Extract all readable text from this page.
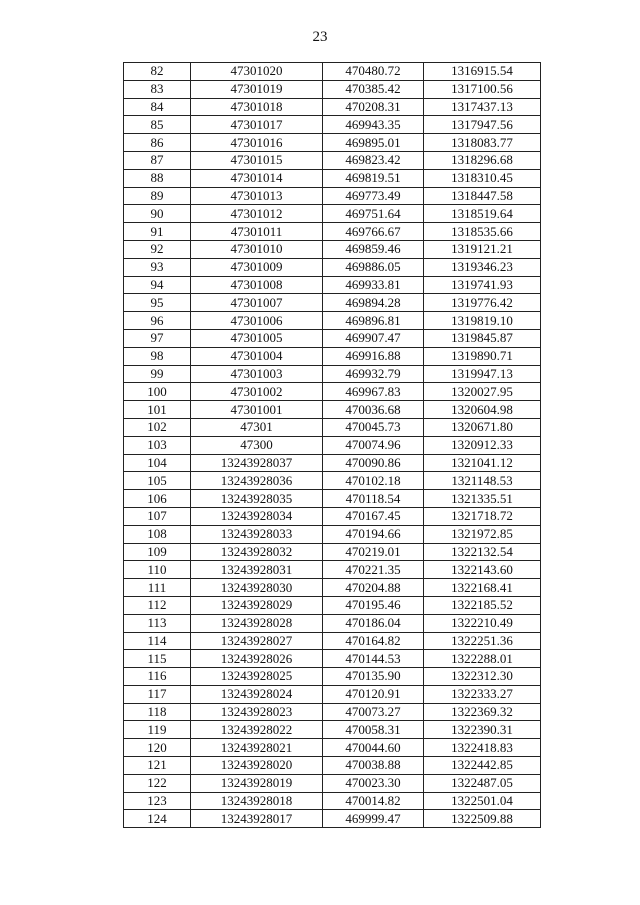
23
82	47301020	470480.72	1316915.54
83	47301019	470385.42	1317100.56
84	47301018	470208.31	1317437.13
85	47301017	469943.35	1317947.56
86	47301016	469895.01	1318083.77
87	47301015	469823.42	1318296.68
88	47301014	469819.51	1318310.45
89	47301013	469773.49	1318447.58
90	47301012	469751.64	1318519.64
91	47301011	469766.67	1318535.66
92	47301010	469859.46	1319121.21
93	47301009	469886.05	1319346.23
94	47301008	469933.81	1319741.93
95	47301007	469894.28	1319776.42
96	47301006	469896.81	1319819.10
97	47301005	469907.47	1319845.87
98	47301004	469916.88	1319890.71
99	47301003	469932.79	1319947.13
100	47301002	469967.83	1320027.95
101	47301001	470036.68	1320604.98
102	47301	470045.73	1320671.80
103	47300	470074.96	1320912.33
104	13243928037	470090.86	1321041.12
105	13243928036	470102.18	1321148.53
106	13243928035	470118.54	1321335.51
107	13243928034	470167.45	1321718.72
108	13243928033	470194.66	1321972.85
109	13243928032	470219.01	1322132.54
110	13243928031	470221.35	1322143.60
111	13243928030	470204.88	1322168.41
112	13243928029	470195.46	1322185.52
113	13243928028	470186.04	1322210.49
114	13243928027	470164.82	1322251.36
115	13243928026	470144.53	1322288.01
116	13243928025	470135.90	1322312.30
117	13243928024	470120.91	1322333.27
118	13243928023	470073.27	1322369.32
119	13243928022	470058.31	1322390.31
120	13243928021	470044.60	1322418.83
121	13243928020	470038.88	1322442.85
122	13243928019	470023.30	1322487.05
123	13243928018	470014.82	1322501.04
124	13243928017	469999.47	1322509.88
